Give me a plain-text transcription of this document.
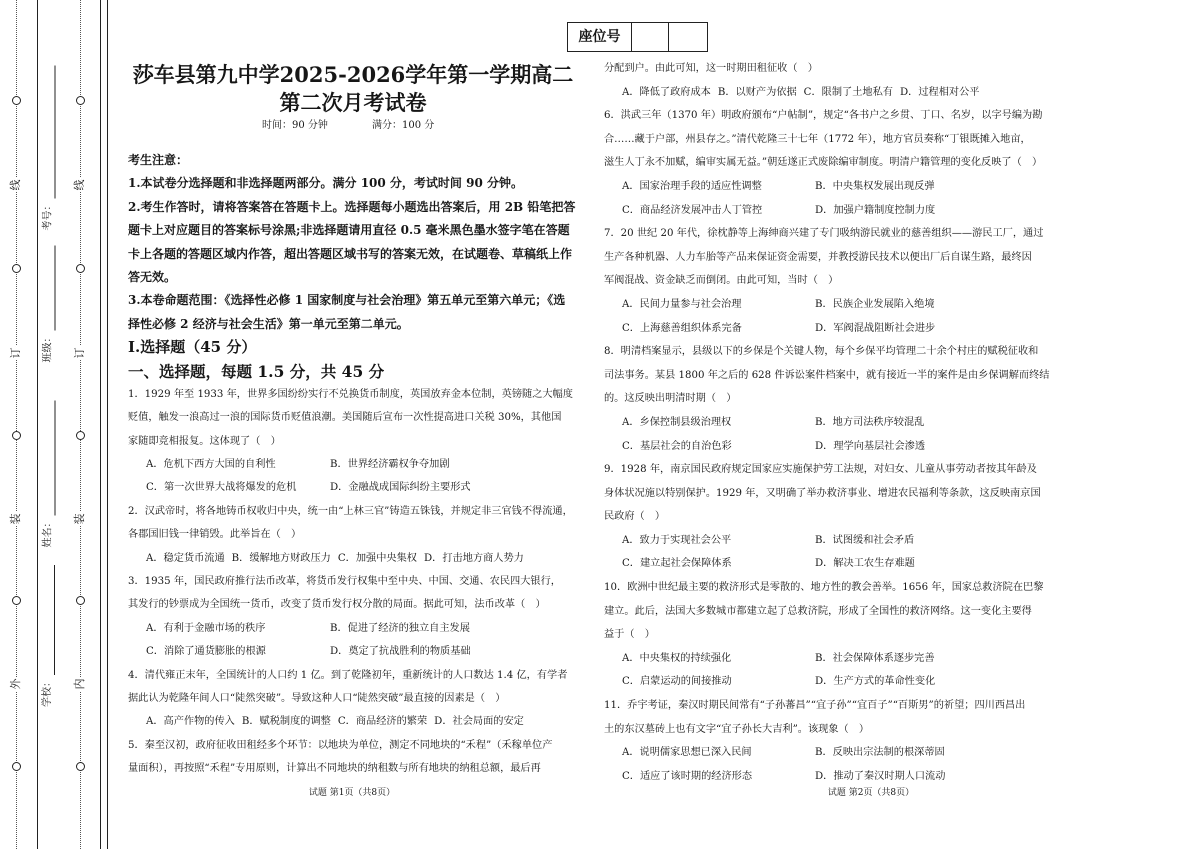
线
订
装
外
线
订
装
内
考号：
班级：
姓名：
学校：
座位号
莎车县第九中学2025-2026学年第一学期高二
第二次月考试卷
时间：90 分钟	满分：100 分
考生注意：
1.本试卷分选择题和非选择题两部分。满分 100 分，考试时间 90 分钟。
2.考生作答时，请将答案答在答题卡上。选择题每小题选出答案后，用 2B 铅笔把答
题卡上对应题目的答案标号涂黑;非选择题请用直径 0.5 毫米黑色墨水签字笔在答题
卡上各题的答题区域内作答，超出答题区域书写的答案无效，在试题卷、草稿纸上作
答无效。
3.本卷命题范围：《选择性必修 1 国家制度与社会治理》第五单元至第六单元；《选
择性必修 2 经济与社会生活》第一单元至第二单元。
Ⅰ.选择题（45 分）
一、选择题，每题 1.5 分，共 45 分
1．1929 年至 1933 年，世界多国纷纷实行不兑换货币制度，英国放弃金本位制，英镑随之大幅度
贬值，触发一浪高过一浪的国际货币贬值浪潮。美国随后宣布一次性提高进口关税 30%，其他国
家随即竞相报复。这体现了（　）
A．危机下西方大国的自利性	B．世界经济霸权争夺加剧
C．第一次世界大战将爆发的危机	D．金融战成国际纠纷主要形式
2．汉武帝时，将各地铸币权收归中央，统一由“上林三官”铸造五铢钱，并规定非三官钱不得流通，
各郡国旧钱一律销毁。此举旨在（　）
A．稳定货币流通 B．缓解地方财政压力 C．加强中央集权 D．打击地方商人势力
3．1935 年，国民政府推行法币改革，将货币发行权集中至中央、中国、交通、农民四大银行，
其发行的钞票成为全国统一货币，改变了货币发行权分散的局面。据此可知，法币改革（　）
A．有利于金融市场的秩序	B．促进了经济的独立自主发展
C．消除了通货膨胀的根源	D．奠定了抗战胜利的物质基础
4．清代雍正末年，全国统计的人口约 1 亿。到了乾隆初年，重新统计的人口数达 1.4 亿，有学者
据此认为乾隆年间人口“陡然突破”。导致这种人口“陡然突破”最直接的因素是（　）
A．高产作物的传入 B．赋税制度的调整 C．商品经济的繁荣 D．社会局面的安定
5．秦至汉初，政府征收田租经多个环节：以地块为单位，测定不同地块的“禾程”（禾稼单位产
量面积），再按照“禾程”专用原则，计算出不同地块的纳租数与所有地块的纳租总额，最后再
分配到户。由此可知，这一时期田租征收（　）
A．降低了政府成本 B．以财产为依据 C．限制了土地私有 D．过程相对公平
6．洪武三年（1370 年）明政府颁布“户帖制”，规定“各书户之乡贯、丁口、名岁，以字号编为勘
合……藏于户部，州县存之。”清代乾隆三十七年（1772 年），地方官员奏称“丁银既摊入地亩，
滋生人丁永不加赋，编审实属无益。”朝廷遂正式废除编审制度。明清户籍管理的变化反映了（　）
A．国家治理手段的适应性调整	B．中央集权发展出现反弹
C．商品经济发展冲击人丁管控	D．加强户籍制度控制力度
7．20 世纪 20 年代，徐枕静等上海绅商兴建了专门吸纳游民就业的慈善组织——游民工厂，通过
生产各种机器、人力车胎等产品来保证资金需要，并教授游民技术以便出厂后自谋生路，最终因
军阀混战、资金缺乏而倒闭。由此可知，当时（　）
A．民间力量参与社会治理	B．民族企业发展陷入绝境
C．上海慈善组织体系完备	D．军阀混战阻断社会进步
8．明清档案显示，县级以下的乡保是个关键人物，每个乡保平均管理二十余个村庄的赋税征收和
司法事务。某县 1800 年之后的 628 件诉讼案件档案中，就有接近一半的案件是由乡保调解而终结
的。这反映出明清时期（　）
A．乡保控制县级治理权	B．地方司法秩序较混乱
C．基层社会的自治色彩	D．理学向基层社会渗透
9．1928 年，南京国民政府规定国家应实施保护劳工法规，对妇女、儿童从事劳动者按其年龄及
身体状况施以特别保护。1929 年，又明确了举办救济事业、增进农民福利等条款，这反映南京国
民政府（　）
A．致力于实现社会公平	B．试图缓和社会矛盾
C．建立起社会保障体系	D．解决工农生存难题
10．欧洲中世纪最主要的救济形式是零散的、地方性的教会善举。1656 年，国家总救济院在巴黎
建立。此后，法国大多数城市都建立起了总救济院，形成了全国性的救济网络。这一变化主要得
益于（　）
A．中央集权的持续强化	B．社会保障体系逐步完善
C．启蒙运动的间接推动	D．生产方式的革命性变化
11．乔宇考证，秦汉时期民间常有“子孙蕃昌”“宜子孙”“宜百子”“百斯男”的祈望；四川西昌出
土的东汉墓砖上也有文字“宜子孙长大吉利”。该现象（　）
A．说明儒家思想已深入民间	B．反映出宗法制的根深蒂固
C．适应了该时期的经济形态	D．推动了秦汉时期人口流动
试题 第1页（共8页）	试题 第2页（共8页）
